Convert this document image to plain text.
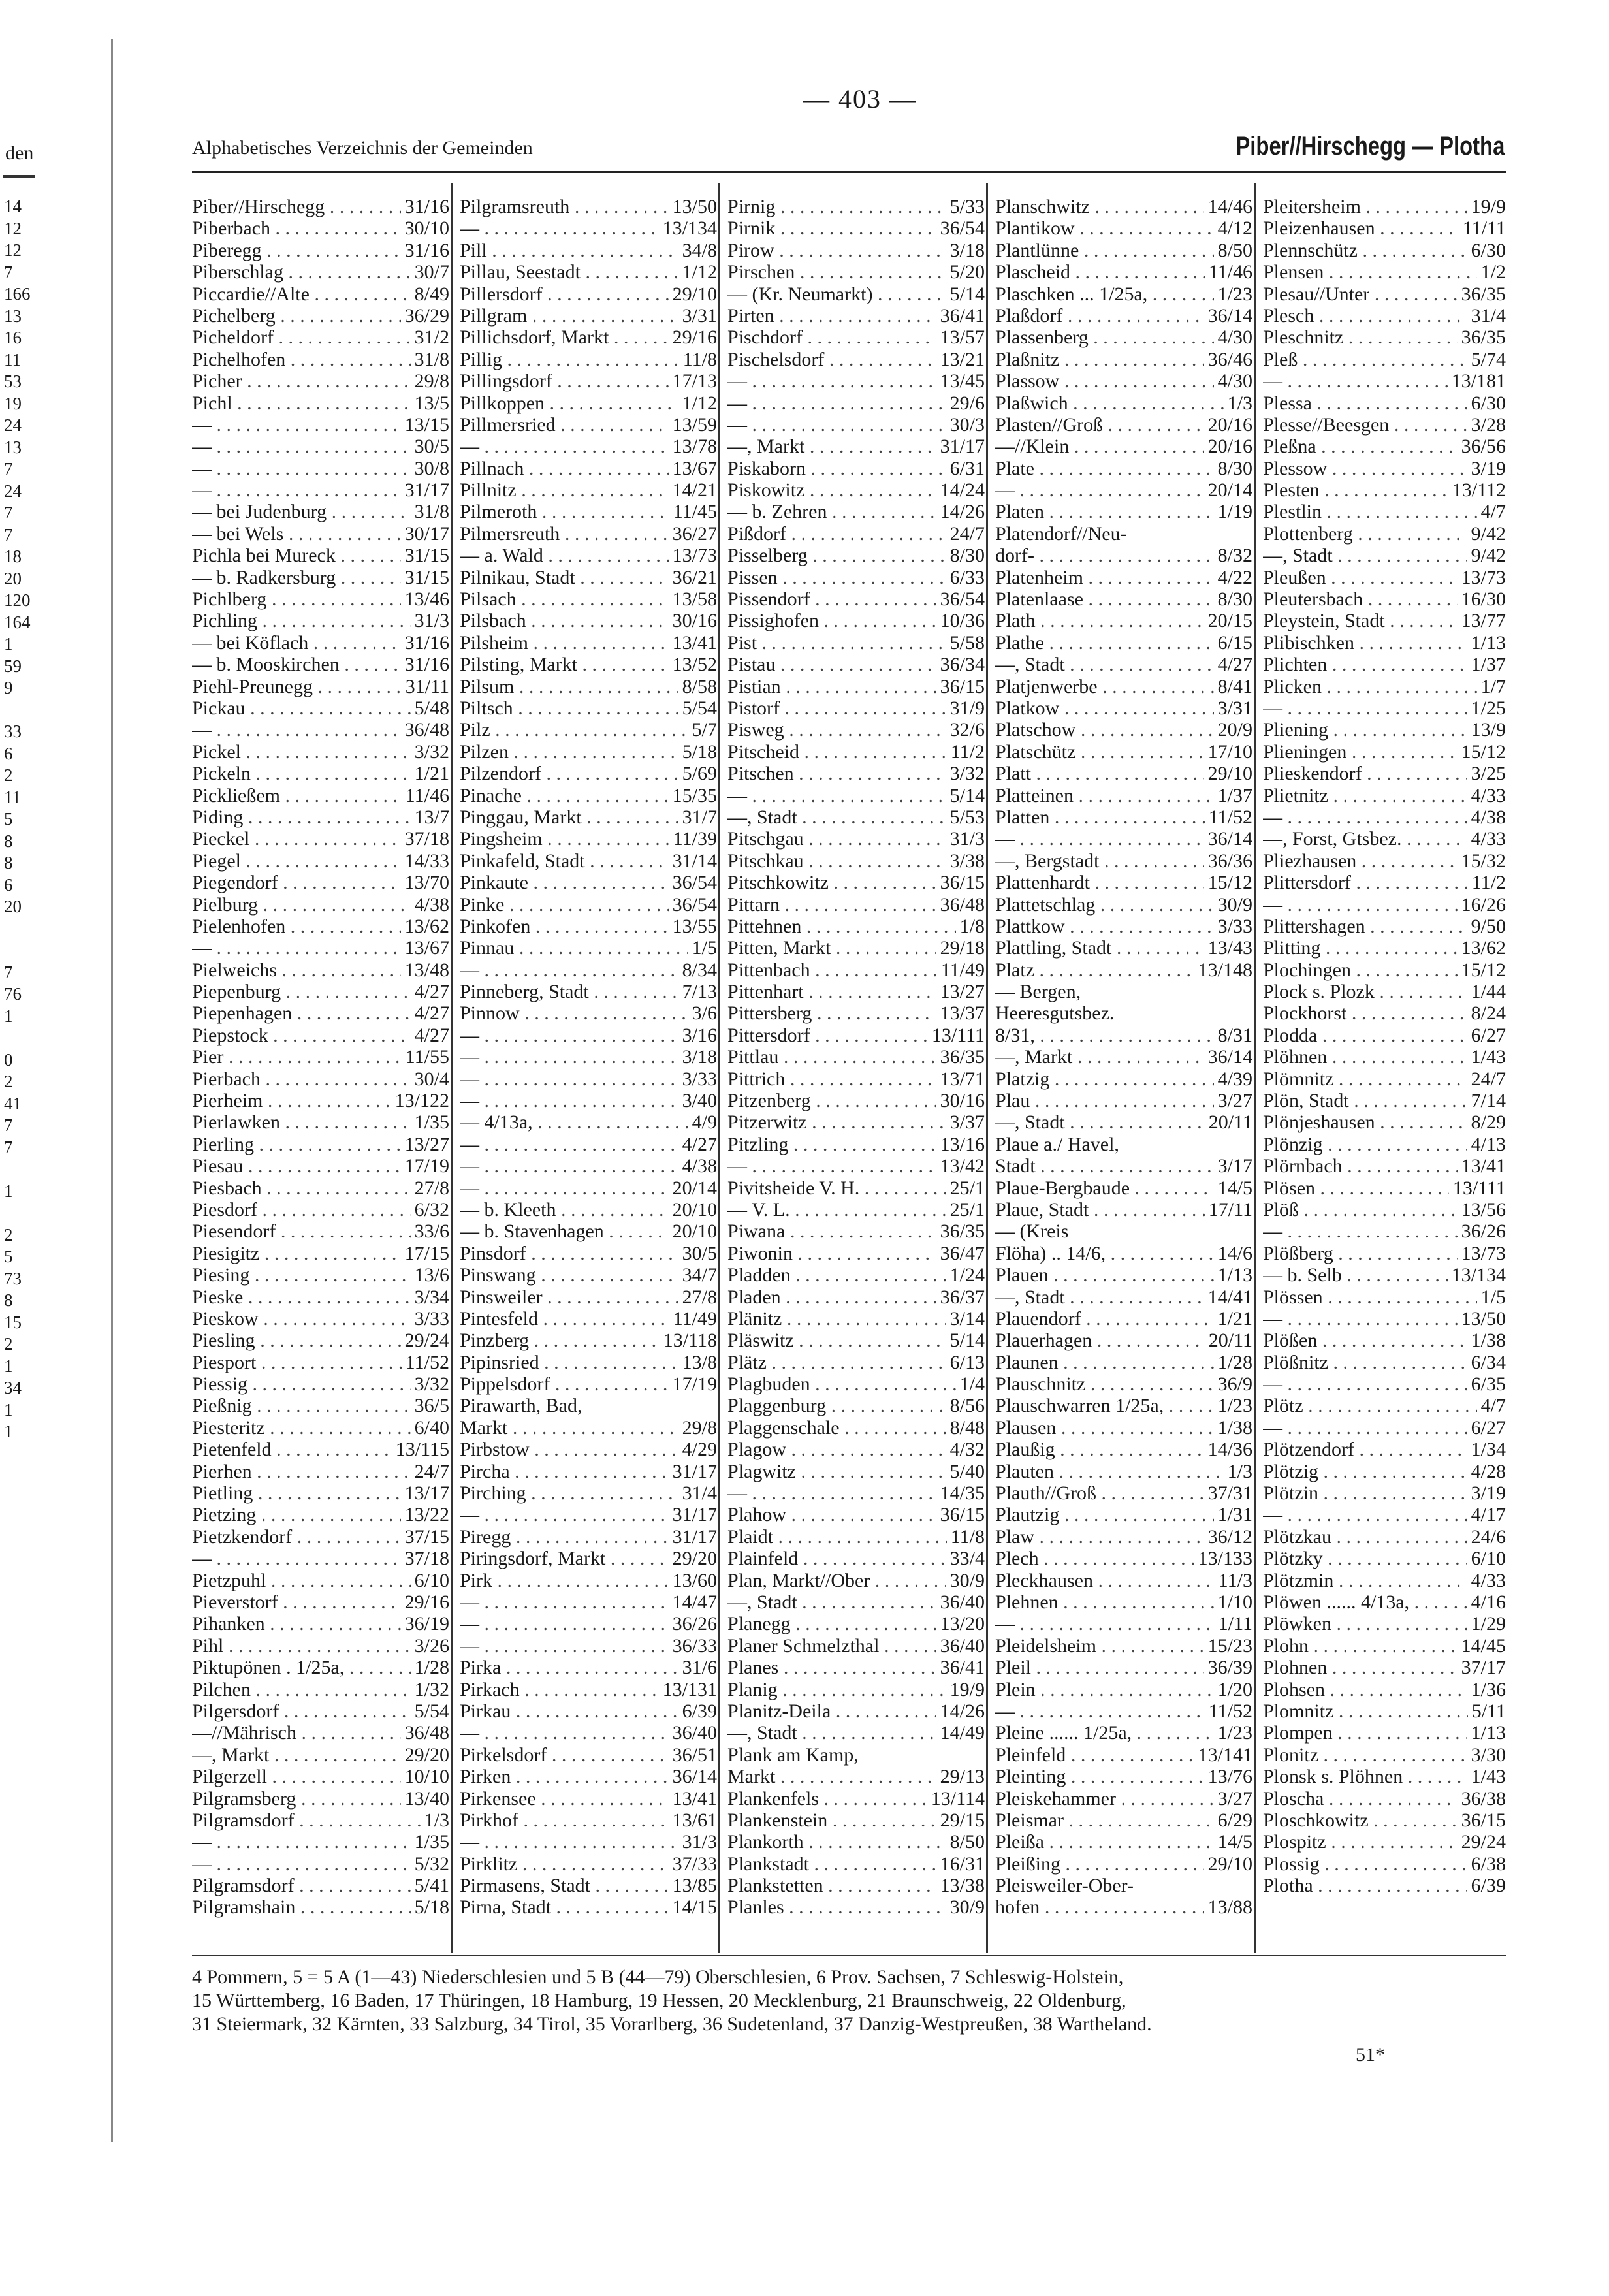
den
14
12
12
7
166
13
16
11
53
19
24
13
7
24
7
7
18
20
120
164
1
59
9
33
6
2
11
5
8
8
6
20
7
76
1
0
2
41
7
7
1
2
5
73
8
15
2
1
34
1
1
— 403 —
Alphabetisches Verzeichnis der Gemeinden	Piber//Hirschegg — Plotha
Piber//Hirschegg . . .	31/16
Piberbach . . .	30/10
Piberegg . . .	31/16
Piberschlag . . .	30/7
Piccardie//Alte . . .	8/49
Pichelberg . . .	36/29
Picheldorf . . .	31/2
Pichelhofen . . .	31/8
Picher . . .	29/8
Pichl . . .	13/5
— . . .	13/15
— . . .	30/5
— . . .	30/8
— . . .	31/17
— bei Judenburg . . .	31/8
— bei Wels . . .	30/17
Pichla bei Mureck . . .	31/15
— b. Radkersburg . . .	31/15
Pichlberg . . .	13/46
Pichling . . .	31/3
— bei Köflach . . .	31/16
— b. Mooskirchen . . .	31/16
Piehl-Preunegg . . .	31/11
Pickau . . .	5/48
— . . .	36/48
Pickel . . .	3/32
Pickeln . . .	1/21
Pickließem . . .	11/46
Piding . . .	13/7
Pieckel . . .	37/18
Piegel . . .	14/33
Piegendorf . . .	13/70
Pielburg . . .	4/38
Pielenhofen . . .	13/62
— . . .	13/67
Pielweichs . . .	13/48
Piepenburg . . .	4/27
Piepenhagen . . .	4/27
Piepstock . . .	4/27
Pier . . .	11/55
Pierbach . . .	30/4
Pierheim . . .	13/122
Pierlawken . . .	1/35
Pierling . . .	13/27
Piesau . . .	17/19
Piesbach . . .	27/8
Piesdorf . . .	6/32
Piesendorf . . .	33/6
Piesigitz . . .	17/15
Piesing . . .	13/6
Pieske . . .	3/34
Pieskow . . .	3/33
Piesling . . .	29/24
Piesport . . .	11/52
Piessig . . .	3/32
Pießnig . . .	36/5
Piesteritz . . .	6/40
Pietenfeld . . .	13/115
Pierhen . . .	24/7
Pietling . . .	13/17
Pietzing . . .	13/22
Pietzkendorf . . .	37/15
— . . .	37/18
Pietzpuhl . . .	6/10
Pieverstorf . . .	29/16
Pihanken . . .	36/19
Pihl . . .	3/26
Piktupönen . 1/25a, . . .	1/28
Pilchen . . .	1/32
Pilgersdorf . . .	5/54
—//Mährisch . . .	36/48
—, Markt . . .	29/20
Pilgerzell . . .	10/10
Pilgramsberg . . .	13/40
Pilgramsdorf . . .	1/3
— . . .	1/35
— . . .	5/32
Pilgramsdorf . . .	5/41
Pilgramshain . . .	5/18
Pilgramsreuth . . .	13/50
— . . .	13/134
Pill . . .	34/8
Pillau, Seestadt . . .	1/12
Pillersdorf . . .	29/10
Pillgram . . .	3/31
Pillichsdorf, Markt . . .	29/16
Pillig . . .	11/8
Pillingsdorf . . .	17/13
Pillkoppen . . .	1/12
Pillmersried . . .	13/59
— . . .	13/78
Pillnach . . .	13/67
Pillnitz . . .	14/21
Pilmeroth . . .	11/45
Pilmersreuth . . .	36/27
— a. Wald . . .	13/73
Pilnikau, Stadt . . .	36/21
Pilsach . . .	13/58
Pilsbach . . .	30/16
Pilsheim . . .	13/41
Pilsting, Markt . . .	13/52
Pilsum . . .	8/58
Piltsch . . .	5/54
Pilz . . .	5/7
Pilzen . . .	5/18
Pilzendorf . . .	5/69
Pinache . . .	15/35
Pinggau, Markt . . .	31/7
Pingsheim . . .	11/39
Pinkafeld, Stadt . . .	31/14
Pinkaute . . .	36/54
Pinke . . .	36/54
Pinkofen . . .	13/55
Pinnau . . .	1/5
— . . .	8/34
Pinneberg, Stadt . . .	7/13
Pinnow . . .	3/6
— . . .	3/16
— . . .	3/18
— . . .	3/33
— . . .	3/40
— 4/13a, . . .	4/9
— . . .	4/27
— . . .	4/38
— . . .	20/14
— b. Kleeth . . .	20/10
— b. Stavenhagen . . .	20/10
Pinsdorf . . .	30/5
Pinswang . . .	34/7
Pinsweiler . . .	27/8
Pintesfeld . . .	11/49
Pinzberg . . .	13/118
Pipinsried . . .	13/8
Pippelsdorf . . .	17/19
Pirawarth, Bad,
Markt . . .	29/8
Pirbstow . . .	4/29
Pircha . . .	31/17
Pirching . . .	31/4
— . . .	31/17
Piregg . . .	31/17
Piringsdorf, Markt . . .	29/20
Pirk . . .	13/60
— . . .	14/47
— . . .	36/26
— . . .	36/33
Pirka . . .	31/6
Pirkach . . .	13/131
Pirkau . . .	6/39
— . . .	36/40
Pirkelsdorf . . .	36/51
Pirken . . .	36/14
Pirkensee . . .	13/41
Pirkhof . . .	13/61
— . . .	31/3
Pirklitz . . .	37/33
Pirmasens, Stadt . . .	13/85
Pirna, Stadt . . .	14/15
Pirnig . . .	5/33
Pirnik . . .	36/54
Pirow . . .	3/18
Pirschen . . .	5/20
— (Kr. Neumarkt) . . .	5/14
Pirten . . .	36/41
Pischdorf . . .	13/57
Pischelsdorf . . .	13/21
— . . .	13/45
— . . .	29/6
— . . .	30/3
—, Markt . . .	31/17
Piskaborn . . .	6/31
Piskowitz . . .	14/24
— b. Zehren . . .	14/26
Pißdorf . . .	24/7
Pisselberg . . .	8/30
Pissen . . .	6/33
Pissendorf . . .	36/54
Pissighofen . . .	10/36
Pist . . .	5/58
Pistau . . .	36/34
Pistian . . .	36/15
Pistorf . . .	31/9
Pisweg . . .	32/6
Pitscheid . . .	11/2
Pitschen . . .	3/32
— . . .	5/14
—, Stadt . . .	5/53
Pitschgau . . .	31/3
Pitschkau . . .	3/38
Pitschkowitz . . .	36/15
Pittarn . . .	36/48
Pittehnen . . .	1/8
Pitten, Markt . . .	29/18
Pittenbach . . .	11/49
Pittenhart . . .	13/27
Pittersberg . . .	13/37
Pittersdorf . . .	13/111
Pittlau . . .	36/35
Pittrich . . .	13/71
Pitzenberg . . .	30/16
Pitzerwitz . . .	3/37
Pitzling . . .	13/16
— . . .	13/42
Pivitsheide V. H. . . .	25/1
— V. L. . . .	25/1
Piwana . . .	36/35
Piwonin . . .	36/47
Pladden . . .	1/24
Pladen . . .	36/37
Plänitz . . .	3/14
Pläswitz . . .	5/14
Plätz . . .	6/13
Plagbuden . . .	1/4
Plaggenburg . . .	8/56
Plaggenschale . . .	8/48
Plagow . . .	4/32
Plagwitz . . .	5/40
— . . .	14/35
Plahow . . .	36/15
Plaidt . . .	11/8
Plainfeld . . .	33/4
Plan, Markt//Ober . . .	30/9
—, Stadt . . .	36/40
Planegg . . .	13/20
Planer Schmelzthal . . .	36/40
Planes . . .	36/41
Planig . . .	19/9
Planitz-Deila . . .	14/26
—, Stadt . . .	14/49
Plank am Kamp,
Markt . . .	29/13
Plankenfels . . .	13/114
Plankenstein . . .	29/15
Plankorth . . .	8/50
Plankstadt . . .	16/31
Plankstetten . . .	13/38
Planles . . .	30/9
Planschwitz . . .	14/46
Plantikow . . .	4/12
Plantlünne . . .	8/50
Plascheid . . .	11/46
Plaschken ... 1/25a, . . .	1/23
Plaßdorf . . .	36/14
Plassenberg . . .	4/30
Plaßnitz . . .	36/46
Plassow . . .	4/30
Plaßwich . . .	1/3
Plasten//Groß . . .	20/16
—//Klein . . .	20/16
Plate . . .	8/30
— . . .	20/14
Platen . . .	1/19
Platendorf//Neu-
dorf- . . .	8/32
Platenheim . . .	4/22
Platenlaase . . .	8/30
Plath . . .	20/15
Plathe . . .	6/15
—, Stadt . . .	4/27
Platjenwerbe . . .	8/41
Platkow . . .	3/31
Platschow . . .	20/9
Platschütz . . .	17/10
Platt . . .	29/10
Platteinen . . .	1/37
Platten . . .	11/52
— . . .	36/14
—, Bergstadt . . .	36/36
Plattenhardt . . .	15/12
Plattetschlag . . .	30/9
Plattkow . . .	3/33
Plattling, Stadt . . .	13/43
Platz . . .	13/148
— Bergen,
Heeresgutsbez.
8/31, . . .	8/31
—, Markt . . .	36/14
Platzig . . .	4/39
Plau . . .	3/27
—, Stadt . . .	20/11
Plaue a./ Havel,
Stadt . . .	3/17
Plaue-Bergbaude . . .	14/5
Plaue, Stadt . . .	17/11
— (Kreis
Flöha) .. 14/6, . . .	14/6
Plauen . . .	1/13
—, Stadt . . .	14/41
Plauendorf . . .	1/21
Plauerhagen . . .	20/11
Plaunen . . .	1/28
Plauschnitz . . .	36/9
Plauschwarren 1/25a, . . .	1/23
Plausen . . .	1/38
Plaußig . . .	14/36
Plauten . . .	1/3
Plauth//Groß . . .	37/31
Plautzig . . .	1/31
Plaw . . .	36/12
Plech . . .	13/133
Pleckhausen . . .	11/3
Plehnen . . .	1/10
— . . .	1/11
Pleidelsheim . . .	15/23
Pleil . . .	36/39
Plein . . .	1/20
— . . .	11/52
Pleine ...... 1/25a, . . .	1/23
Pleinfeld . . .	13/141
Pleinting . . .	13/76
Pleiskehammer . . .	3/27
Pleismar . . .	6/29
Pleißa . . .	14/5
Pleißing . . .	29/10
Pleisweiler-Ober-
hofen . . .	13/88
Pleitersheim . . .	19/9
Pleizenhausen . . .	11/11
Plennschütz . . .	6/30
Plensen . . .	1/2
Plesau//Unter . . .	36/35
Plesch . . .	31/4
Pleschnitz . . .	36/35
Pleß . . .	5/74
— . . .	13/181
Plessa . . .	6/30
Plesse//Beesgen . . .	3/28
Pleßna . . .	36/56
Plessow . . .	3/19
Plesten . . .	13/112
Plestlin . . .	4/7
Plottenberg . . .	9/42
—, Stadt . . .	9/42
Pleußen . . .	13/73
Pleutersbach . . .	16/30
Pleystein, Stadt . . .	13/77
Plibischken . . .	1/13
Plichten . . .	1/37
Plicken . . .	1/7
— . . .	1/25
Pliening . . .	13/9
Plieningen . . .	15/12
Plieskendorf . . .	3/25
Plietnitz . . .	4/33
— . . .	4/38
—, Forst, Gtsbez. . . .	4/33
Pliezhausen . . .	15/32
Plittersdorf . . .	11/2
— . . .	16/26
Plittershagen . . .	9/50
Plitting . . .	13/62
Plochingen . . .	15/12
Plock s. Plozk . . .	1/44
Plockhorst . . .	8/24
Plodda . . .	6/27
Plöhnen . . .	1/43
Plömnitz . . .	24/7
Plön, Stadt . . .	7/14
Plönjeshausen . . .	8/29
Plönzig . . .	4/13
Plörnbach . . .	13/41
Plösen . . .	13/111
Plöß . . .	13/56
— . . .	36/26
Plößberg . . .	13/73
— b. Selb . . .	13/134
Plössen . . .	1/5
— . . .	13/50
Plößen . . .	1/38
Plößnitz . . .	6/34
— . . .	6/35
Plötz . . .	4/7
— . . .	6/27
Plötzendorf . . .	1/34
Plötzig . . .	4/28
Plötzin . . .	3/19
— . . .	4/17
Plötzkau . . .	24/6
Plötzky . . .	6/10
Plötzmin . . .	4/33
Plöwen ...... 4/13a, . . .	4/16
Plöwken . . .	1/29
Plohn . . .	14/45
Plohnen . . .	37/17
Plohsen . . .	1/36
Plomnitz . . .	5/11
Plompen . . .	1/13
Plonitz . . .	3/30
Plonsk s. Plöhnen . . .	1/43
Ploscha . . .	36/38
Ploschkowitz . . .	36/15
Plospitz . . .	29/24
Plossig . . .	6/38
Plotha . . .	6/39
4 Pommern, 5 = 5 A (1—43) Niederschlesien und 5 B (44—79) Oberschlesien, 6 Prov. Sachsen, 7 Schleswig-Holstein,
15 Württemberg, 16 Baden, 17 Thüringen, 18 Hamburg, 19 Hessen, 20 Mecklenburg, 21 Braunschweig, 22 Oldenburg,
31 Steiermark, 32 Kärnten, 33 Salzburg, 34 Tirol, 35 Vorarlberg, 36 Sudetenland, 37 Danzig-Westpreußen, 38 Wartheland.
51*
